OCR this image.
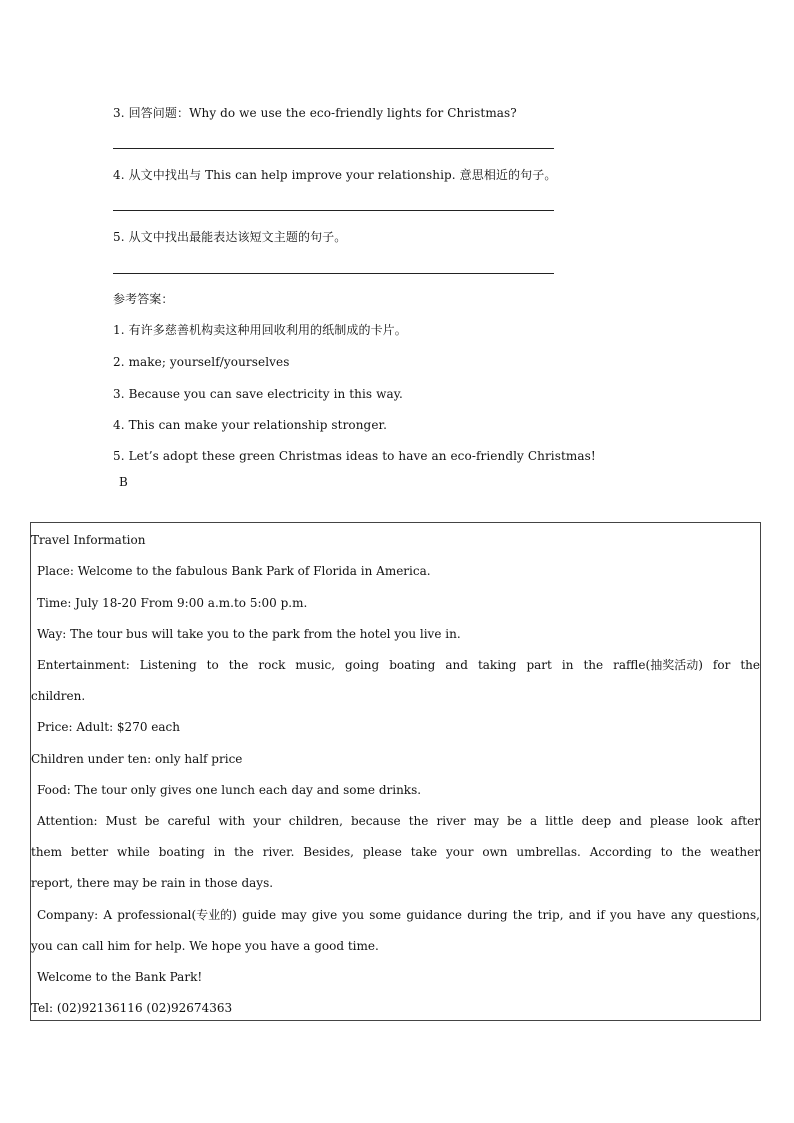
3. 回答问题：Why do we use the eco-friendly lights for Christmas?
4. 从文中找出与 This can help improve your relationship. 意思相近的句子。
5. 从文中找出最能表达该短文主题的句子。
参考答案：
1. 有许多慈善机构卖这种用回收利用的纸制成的卡片。
2. make; yourself/yourselves
3. Because you can save electricity in this way.
4. This can make your relationship stronger.
5. Let’s adopt these green Christmas ideas to have an eco-friendly Christmas!
B
Travel Information
Place: Welcome to the fabulous Bank Park of Florida in America.
Time: July 18-20 From 9:00 a.m.to 5:00 p.m.
Way: The tour bus will take you to the park from the hotel you live in.
Entertainment: Listening to the rock music, going boating and taking part in the raffle(抽奖活动) for the
children.
Price: Adult: $270 each
Children under ten: only half price
Food: The tour only gives one lunch each day and some drinks.
Attention: Must be careful with your children, because the river may be a little deep and please look after
them better while boating in the river. Besides, please take your own umbrellas. According to the weather
report, there may be rain in those days.
Company: A professional(专业的) guide may give you some guidance during the trip, and if you have any questions,
you can call him for help. We hope you have a good time.
Welcome to the Bank Park!
Tel: (02)92136116 (02)92674363
